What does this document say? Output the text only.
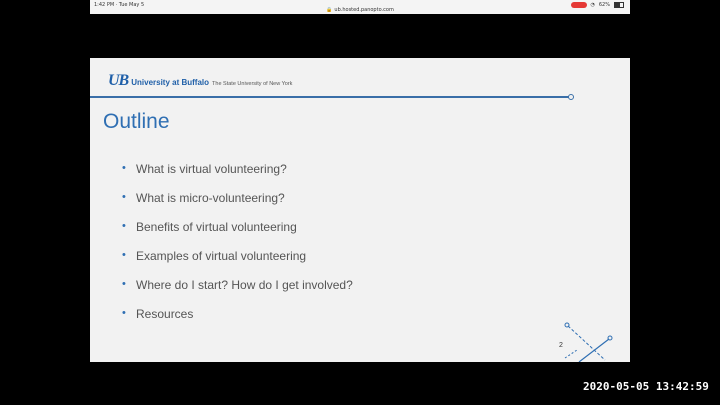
1:42 PM · Tue May 5
🔒 ub.hosted.panopto.com
◔ 62%
UB University at Buffalo The State University of New York
Outline
• What is virtual volunteering?
• What is micro-volunteering?
• Benefits of virtual volunteering
• Examples of virtual volunteering
• Where do I start? How do I get involved?
• Resources
2
2020-05-05 13:42:59
